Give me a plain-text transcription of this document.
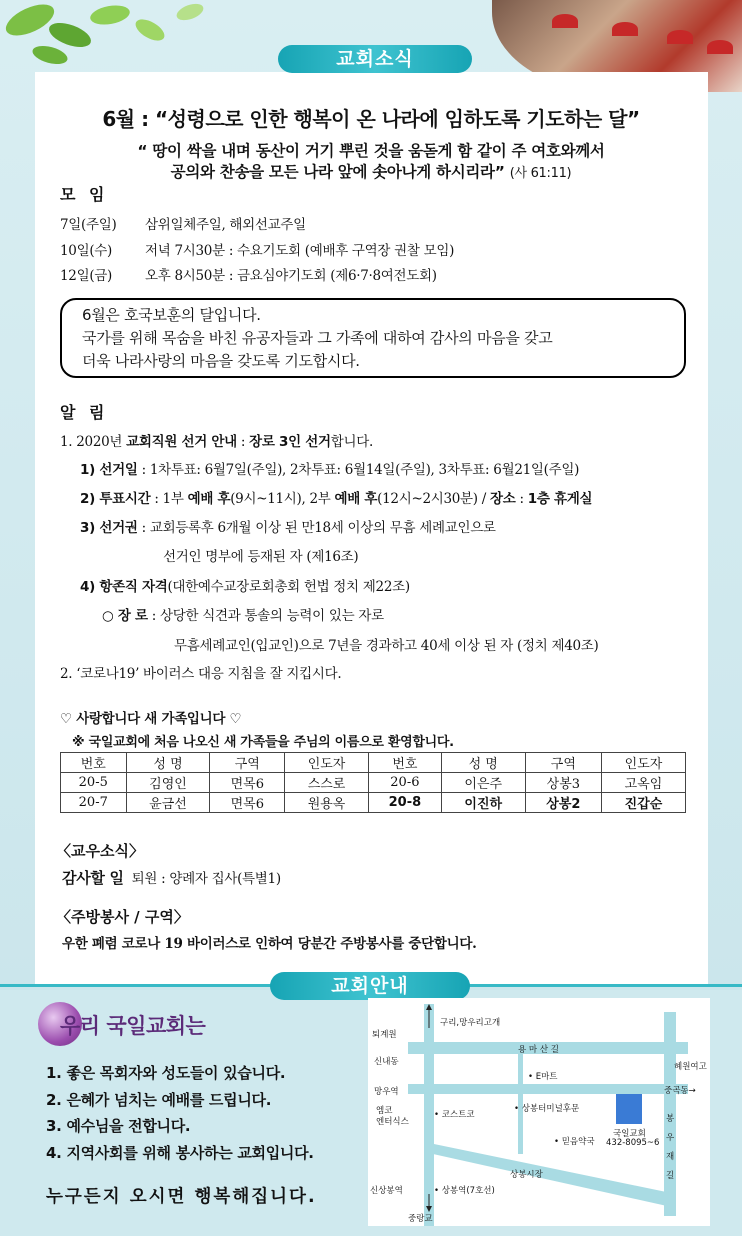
교회소식
6월 : “성령으로 인한 행복이 온 나라에 임하도록 기도하는 달”
“ 땅이 싹을 내며 동산이 거기 뿌린 것을 움돋게 함 같이 주 여호와께서
공의와 찬송을 모든 나라 앞에 솟아나게 하시리라” (사 61:11)
모 임
7일(주일) 삼위일체주일, 해외선교주일
10일(수) 저녁 7시30분 : 수요기도회 (예배후 구역장 권찰 모임)
12일(금) 오후 8시50분 : 금요심야기도회 (제6·7·8여전도회)
6월은 호국보훈의 달입니다.
국가를 위해 목숨을 바친 유공자들과 그 가족에 대하여 감사의 마음을 갖고
더욱 나라사랑의 마음을 갖도록 기도합시다.
알 림
1. 2020년 교회직원 선거 안내 : 장로 3인 선거합니다.
1) 선거일 : 1차투표: 6월7일(주일), 2차투표: 6월14일(주일), 3차투표: 6월21일(주일)
2) 투표시간 : 1부 예배 후(9시~11시), 2부 예배 후(12시~2시30분) / 장소 : 1층 휴게실
3) 선거권 : 교회등록후 6개월 이상 된 만18세 이상의 무흠 세례교인으로
선거인 명부에 등재된 자 (제16조)
4) 항존직 자격(대한예수교장로회총회 헌법 정치 제22조)
○ 장 로 : 상당한 식견과 통솔의 능력이 있는 자로
무흠세례교인(입교인)으로 7년을 경과하고 40세 이상 된 자 (정치 제40조)
2. ‘코로나19’ 바이러스 대응 지침을 잘 지킵시다.
♡ 사랑합니다 새 가족입니다 ♡
※ 국일교회에 처음 나오신 새 가족들을 주님의 이름으로 환영합니다.
번호	성 명	구역	인도자	번호	성 명	구역	인도자
20-5	김영인	면목6	스스로	20-6	이은주	상봉3	고옥임
20-7	윤금선	면목6	원용옥	20-8	이진하	상봉2	진갑순
〈교우소식〉
감사할 일 퇴원 : 양례자 집사(특별1)
〈주방봉사 / 구역〉
우한 폐렴 코로나 19 바이러스로 인하여 당분간 주방봉사를 중단합니다.
교회안내
우리 국일교회는
1. 좋은 목회자와 성도들이 있습니다.
2. 은혜가 넘치는 예배를 드립니다.
3. 예수님을 전합니다.
4. 지역사회를 위해 봉사하는 교회입니다.
누구든지 오시면 행복해집니다.
퇴계원
구리,망우리고개
용 마 산 길
신내동	혜원여고
• E마트
망우역	중곡동→
엠코
엔터식스
• 코스트코
• 상봉터미널후문
국일교회
432-8095~6
봉
우
재
길
• 믿음약국
상봉시장
신상봉역	• 상봉역(7호선)
중랑교
